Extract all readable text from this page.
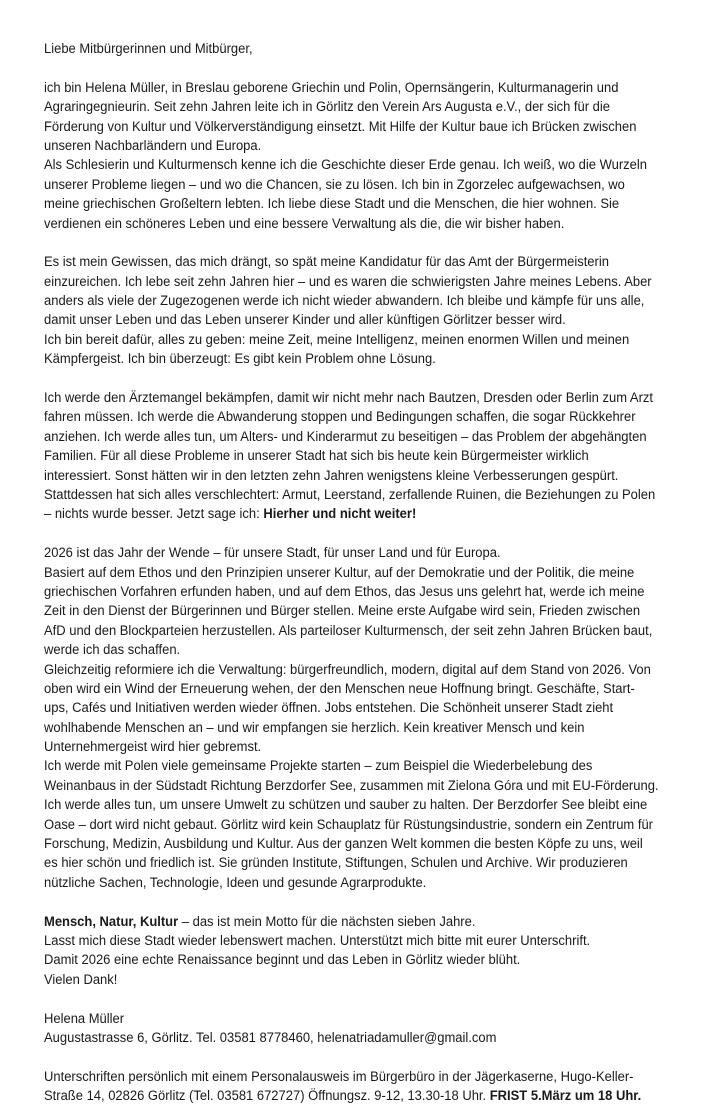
Liebe Mitbürgerinnen und Mitbürger,
ich bin Helena Müller, in Breslau geborene Griechin und Polin, Opernsängerin, Kulturmanagerin und
Agraringegnieurin. Seit zehn Jahren leite ich in Görlitz den Verein Ars Augusta e.V., der sich für die
Förderung von Kultur und Völkerverständigung einsetzt. Mit Hilfe der Kultur baue ich Brücken zwischen
unseren Nachbarländern und Europa.
Als Schlesierin und Kulturmensch kenne ich die Geschichte dieser Erde genau. Ich weiß, wo die Wurzeln
unserer Probleme liegen – und wo die Chancen, sie zu lösen. Ich bin in Zgorzelec aufgewachsen, wo
meine griechischen Großeltern lebten. Ich liebe diese Stadt und die Menschen, die hier wohnen. Sie
verdienen ein schöneres Leben und eine bessere Verwaltung als die, die wir bisher haben.
Es ist mein Gewissen, das mich drängt, so spät meine Kandidatur für das Amt der Bürgermeisterin
einzureichen. Ich lebe seit zehn Jahren hier – und es waren die schwierigsten Jahre meines Lebens. Aber
anders als viele der Zugezogenen werde ich nicht wieder abwandern. Ich bleibe und kämpfe für uns alle,
damit unser Leben und das Leben unserer Kinder und aller künftigen Görlitzer besser wird.
Ich bin bereit dafür, alles zu geben: meine Zeit, meine Intelligenz, meinen enormen Willen und meinen
Kämpfergeist. Ich bin überzeugt: Es gibt kein Problem ohne Lösung.
Ich werde den Ärztemangel bekämpfen, damit wir nicht mehr nach Bautzen, Dresden oder Berlin zum Arzt
fahren müssen. Ich werde die Abwanderung stoppen und Bedingungen schaffen, die sogar Rückkehrer
anziehen. Ich werde alles tun, um Alters- und Kinderarmut zu beseitigen – das Problem der abgehängten
Familien. Für all diese Probleme in unserer Stadt hat sich bis heute kein Bürgermeister wirklich
interessiert. Sonst hätten wir in den letzten zehn Jahren wenigstens kleine Verbesserungen gespürt.
Stattdessen hat sich alles verschlechtert: Armut, Leerstand, zerfallende Ruinen, die Beziehungen zu Polen
– nichts wurde besser. Jetzt sage ich: Hierher und nicht weiter!
2026 ist das Jahr der Wende – für unsere Stadt, für unser Land und für Europa.
Basiert auf dem Ethos und den Prinzipien unserer Kultur, auf der Demokratie und der Politik, die meine
griechischen Vorfahren erfunden haben, und auf dem Ethos, das Jesus uns gelehrt hat, werde ich meine
Zeit in den Dienst der Bürgerinnen und Bürger stellen. Meine erste Aufgabe wird sein, Frieden zwischen
AfD und den Blockparteien herzustellen. Als parteiloser Kulturmensch, der seit zehn Jahren Brücken baut,
werde ich das schaffen.
Gleichzeitig reformiere ich die Verwaltung: bürgerfreundlich, modern, digital auf dem Stand von 2026. Von
oben wird ein Wind der Erneuerung wehen, der den Menschen neue Hoffnung bringt. Geschäfte, Start-
ups, Cafés und Initiativen werden wieder öffnen. Jobs entstehen. Die Schönheit unserer Stadt zieht
wohlhabende Menschen an – und wir empfangen sie herzlich. Kein kreativer Mensch und kein
Unternehmergeist wird hier gebremst.
Ich werde mit Polen viele gemeinsame Projekte starten – zum Beispiel die Wiederbelebung des
Weinanbaus in der Südstadt Richtung Berzdorfer See, zusammen mit Zielona Góra und mit EU-Förderung.
Ich werde alles tun, um unsere Umwelt zu schützen und sauber zu halten. Der Berzdorfer See bleibt eine
Oase – dort wird nicht gebaut. Görlitz wird kein Schauplatz für Rüstungsindustrie, sondern ein Zentrum für
Forschung, Medizin, Ausbildung und Kultur. Aus der ganzen Welt kommen die besten Köpfe zu uns, weil
es hier schön und friedlich ist. Sie gründen Institute, Stiftungen, Schulen und Archive. Wir produzieren
nützliche Sachen, Technologie, Ideen und gesunde Agrarprodukte.
Mensch, Natur, Kultur – das ist mein Motto für die nächsten sieben Jahre.
Lasst mich diese Stadt wieder lebenswert machen. Unterstützt mich bitte mit eurer Unterschrift.
Damit 2026 eine echte Renaissance beginnt und das Leben in Görlitz wieder blüht.
Vielen Dank!
Helena Müller
Augustastrasse 6, Görlitz. Tel. 03581 8778460, helenatriadamuller@gmail.com
Unterschriften persönlich mit einem Personalausweis im Bürgerbüro in der Jägerkaserne, Hugo-Keller-
Straße 14, 02826 Görlitz (Tel. 03581 672727) Öffnungsz. 9-12, 13.30-18 Uhr. FRIST 5.März um 18 Uhr.
